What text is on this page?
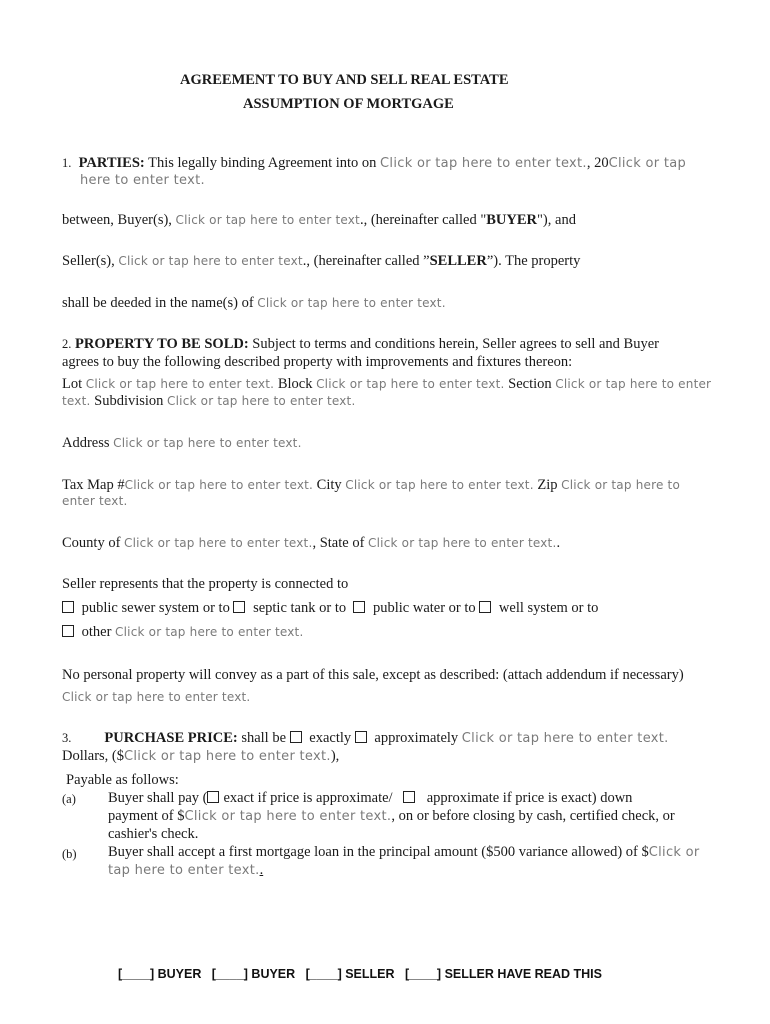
AGREEMENT TO BUY AND SELL REAL ESTATE
ASSUMPTION OF MORTGAGE
1. PARTIES: This legally binding Agreement into on Click or tap here to enter text., 20Click or tap
here to enter text.
between, Buyer(s), Click or tap here to enter text., (hereinafter called "BUYER"), and
Seller(s), Click or tap here to enter text., (hereinafter called ”SELLER”). The property
shall be deeded in the name(s) of Click or tap here to enter text.
2. PROPERTY TO BE SOLD: Subject to terms and conditions herein, Seller agrees to sell and Buyer
agrees to buy the following described property with improvements and fixtures thereon:
Lot Click or tap here to enter text. Block Click or tap here to enter text. Section Click or tap here to enter
text. Subdivision Click or tap here to enter text.
Address Click or tap here to enter text.
Tax Map #Click or tap here to enter text. City Click or tap here to enter text. Zip Click or tap here to
enter text.
County of Click or tap here to enter text., State of Click or tap here to enter text..
Seller represents that the property is connected to
public sewer system or to septic tank or to public water or to well system or to
other Click or tap here to enter text.
No personal property will convey as a part of this sale, except as described: (attach addendum if necessary)
Click or tap here to enter text.
3. PURCHASE PRICE: shall be exactly approximately Click or tap here to enter text.
Dollars, ($Click or tap here to enter text.),
Payable as follows:
(a) Buyer shall pay ( exact if price is approximate/ approximate if price is exact) down
payment of $Click or tap here to enter text., on or before closing by cash, certified check, or
cashier's check.
(b) Buyer shall accept a first mortgage loan in the principal amount ($500 variance allowed) of $Click or
tap here to enter text..
[____] BUYER [____] BUYER [____] SELLER [____] SELLER HAVE READ THIS
